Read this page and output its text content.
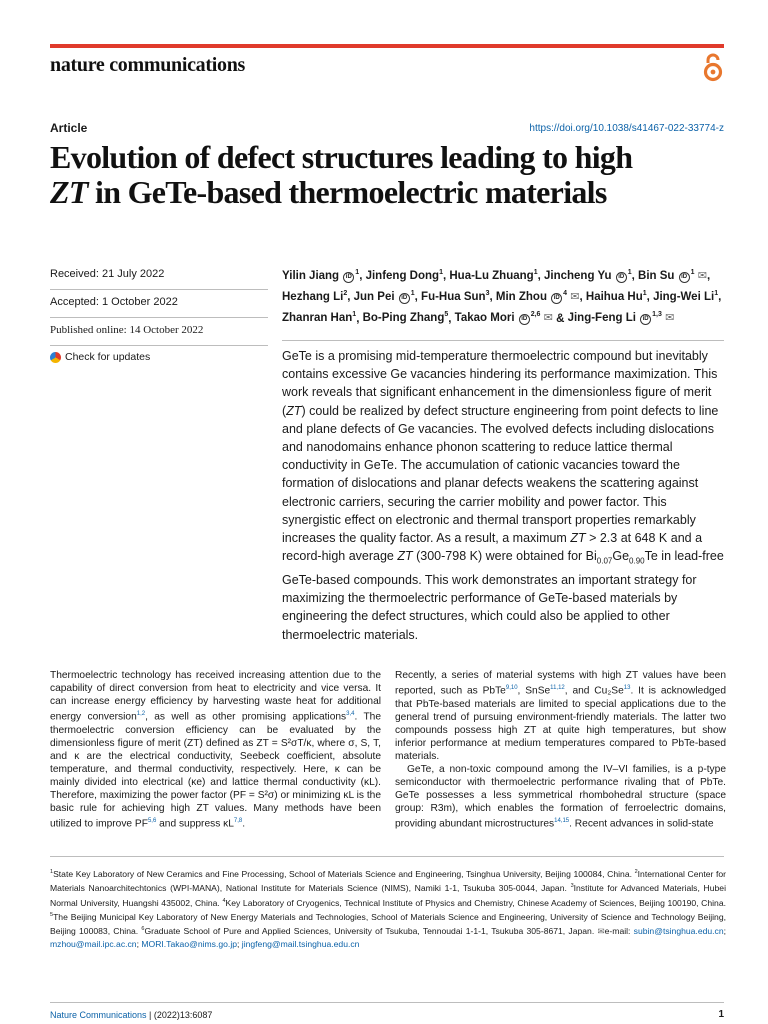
nature communications
Article	https://doi.org/10.1038/s41467-022-33774-z
Evolution of defect structures leading to high
ZT in GeTe-based thermoelectric materials
Received: 21 July 2022
Accepted: 1 October 2022
Published online: 14 October 2022
Check for updates
Yilin Jiang $iD^1$, Jinfeng Dong$^1$, Hua-Lu Zhuang$^1$, Jincheng Yu $iD^1$, Bin Su $iD^1$ ✉, Hezhang Li$^2$, Jun Pei $iD^1$, Fu-Hua Sun$^3$, Min Zhou $iD^4$ ✉, Haihua Hu$^1$, Jing-Wei Li$^1$, Zhanran Han$^1$, Bo-Ping Zhang$^5$, Takao Mori iD$^{2,6}$ ✉ & Jing-Feng Li iD$^{1,3}$ ✉
GeTe is a promising mid-temperature thermoelectric compound but inevitably contains excessive Ge vacancies hindering its performance maximization. This work reveals that significant enhancement in the dimensionless figure of merit (ZT) could be realized by defect structure engineering from point defects to line and plane defects of Ge vacancies. The evolved defects including dislocations and nanodomains enhance phonon scattering to reduce lattice thermal conductivity in GeTe. The accumulation of cationic vacancies toward the formation of dislocations and planar defects weakens the scattering against electronic carriers, securing the carrier mobility and power factor. This synergistic effect on electronic and thermal transport properties remarkably increases the quality factor. As a result, a maximum ZT > 2.3 at 648 K and a record-high average ZT (300-798 K) were obtained for $Bi_{0.07}Ge_{0.90}Te$ in lead-free GeTe-based compounds. This work demonstrates an important strategy for maximizing the thermoelectric performance of GeTe-based materials by engineering the defect structures, which could also be applied to other thermoelectric materials.

Thermoelectric technology has received increasing attention due to the capability of direct conversion from heat to electricity and vice versa. It can increase energy efficiency by harvesting waste heat for additional energy conversion$^{1,2}$, as well as other promising applications$^{3,4}$. The thermoelectric conversion efficiency can be evaluated by the dimensionless figure of merit (ZT) defined as ZT = S²σT/κ, where σ, S, T, and κ are the electrical conductivity, Seebeck coefficient, absolute temperature, and thermal conductivity, respectively. Here, κ can be mainly divided into electrical (κe) and lattice thermal conductivity (κL). Therefore, maximizing the power factor (PF = S²σ) or minimizing κL is the basic rule for achieving high ZT values. Many methods have been utilized to improve PF$^{5,6}$ and suppress κL$^{7,8}$.

Recently, a series of material systems with high ZT values have been reported, such as PbTe$^{9,10}$, SnSe$^{11,12}$, and Cu₂Se$^{13}$. It is acknowledged that PbTe-based materials are limited to special applications due to the general trend of pursuing environment-friendly materials. The latter two compounds possess high ZT at quite high temperatures, but show inferior performance at medium temperatures compared to PbTe-based materials.

GeTe, a non-toxic compound among the IV–VI families, is a p-type semiconductor with thermoelectric performance rivaling that of PbTe. GeTe possesses a less symmetrical rhombohedral structure (space group: R3m), which enables the formation of ferroelectric domains, providing abundant microstructures$^{14,15}$. Recent advances in solid-state

$^1$State Key Laboratory of New Ceramics and Fine Processing, School of Materials Science and Engineering, Tsinghua University, Beijing 100084, China. $^2$International Center for Materials Nanoarchitechtonics (WPI-MANA), National Institute for Materials Science (NIMS), Namiki 1-1, Tsukuba 305-0044, Japan. $^3$Institute for Advanced Materials, Hubei Normal University, Huangshi 435002, China. $^4$Key Laboratory of Cryogenics, Technical Institute of Physics and Chemistry, Chinese Academy of Sciences, Beijing 100190, China. $^5$The Beijing Municipal Key Laboratory of New Energy Materials and Technologies, School of Materials Science and Engineering, University of Science and Technology Beijing, Beijing 100083, China. $^6$Graduate School of Pure and Applied Sciences, University of Tsukuba, Tennoudai 1-1-1, Tsukuba 305-8671, Japan. ✉e-mail: subin@tsinghua.edu.cn; mzhou@mail.ipc.ac.cn; MORI.Takao@nims.go.jp; jingfeng@mail.tsinghua.edu.cn
Nature Communications | (2022)13:6087	1
